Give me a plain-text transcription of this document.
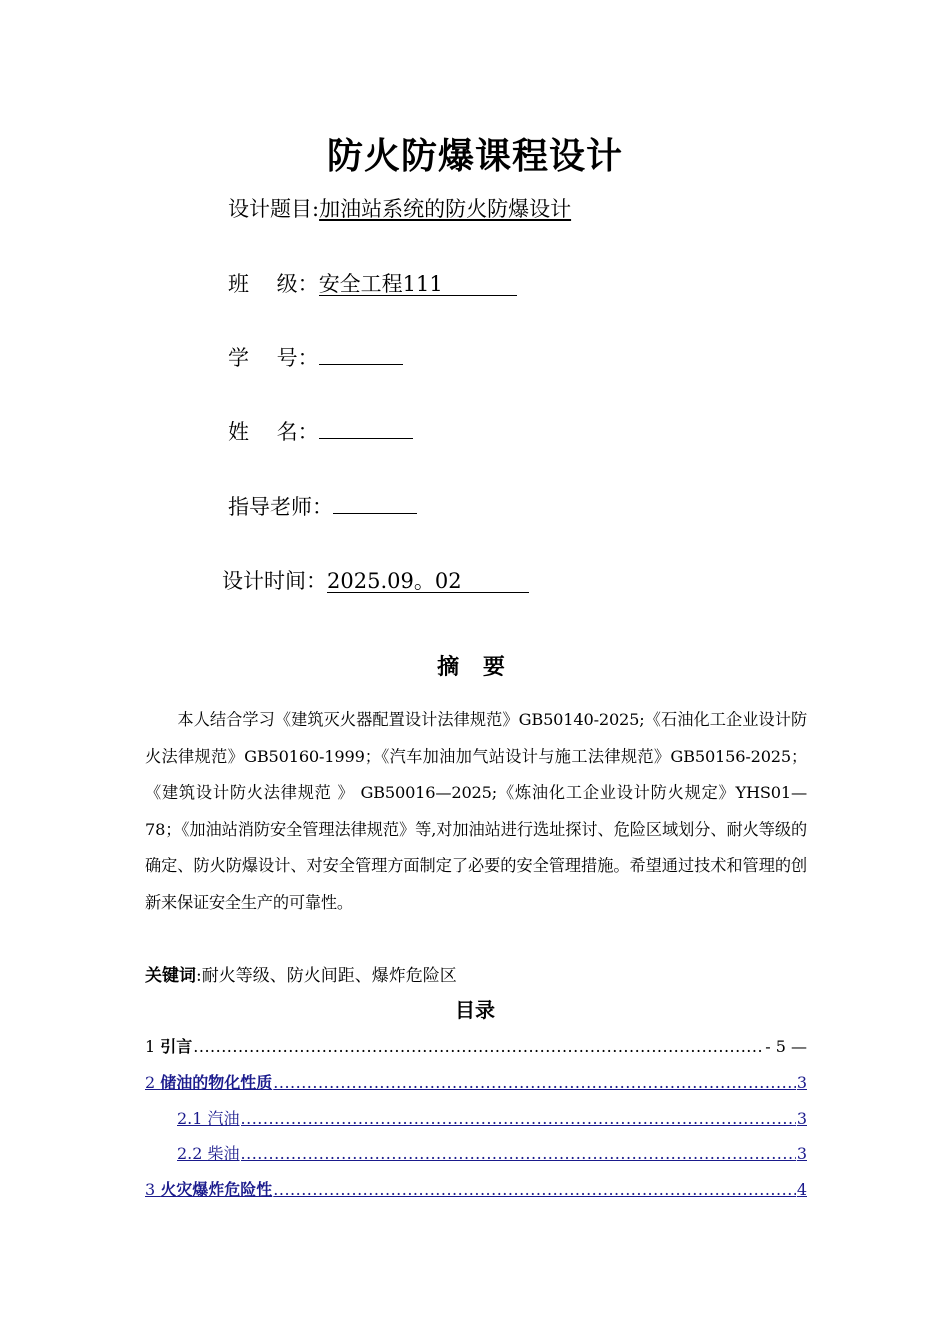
防火防爆课程设计
设计题目:加油站系统的防火防爆设计
班　 级：安全工程111
学　 号：
姓　 名：
指导老师：
设计时间：2025.09。02
摘 要
本人结合学习《建筑灭火器配置设计法律规范》GB50140-2025;《石油化工企业设计防火法律规范》GB50160-1999；《汽车加油加气站设计与施工法律规范》GB50156-2025；《建筑设计防火法律规范 》 GB50016—2025;《炼油化工企业设计防火规定》YHS01—78；《加油站消防安全管理法律规范》等,对加油站进行选址探讨、危险区域划分、耐火等级的确定、防火防爆设计、对安全管理方面制定了必要的安全管理措施。希望通过技术和管理的创新来保证安全生产的可靠性。
关键词:耐火等级、防火间距、爆炸危险区
目录
1 引言 .....	- 5 —
2 储油的物化性质 .....	3
2.1 汽油 .....	3
2.2 柴油 .....	3
3 火灾爆炸危险性 .....	4
